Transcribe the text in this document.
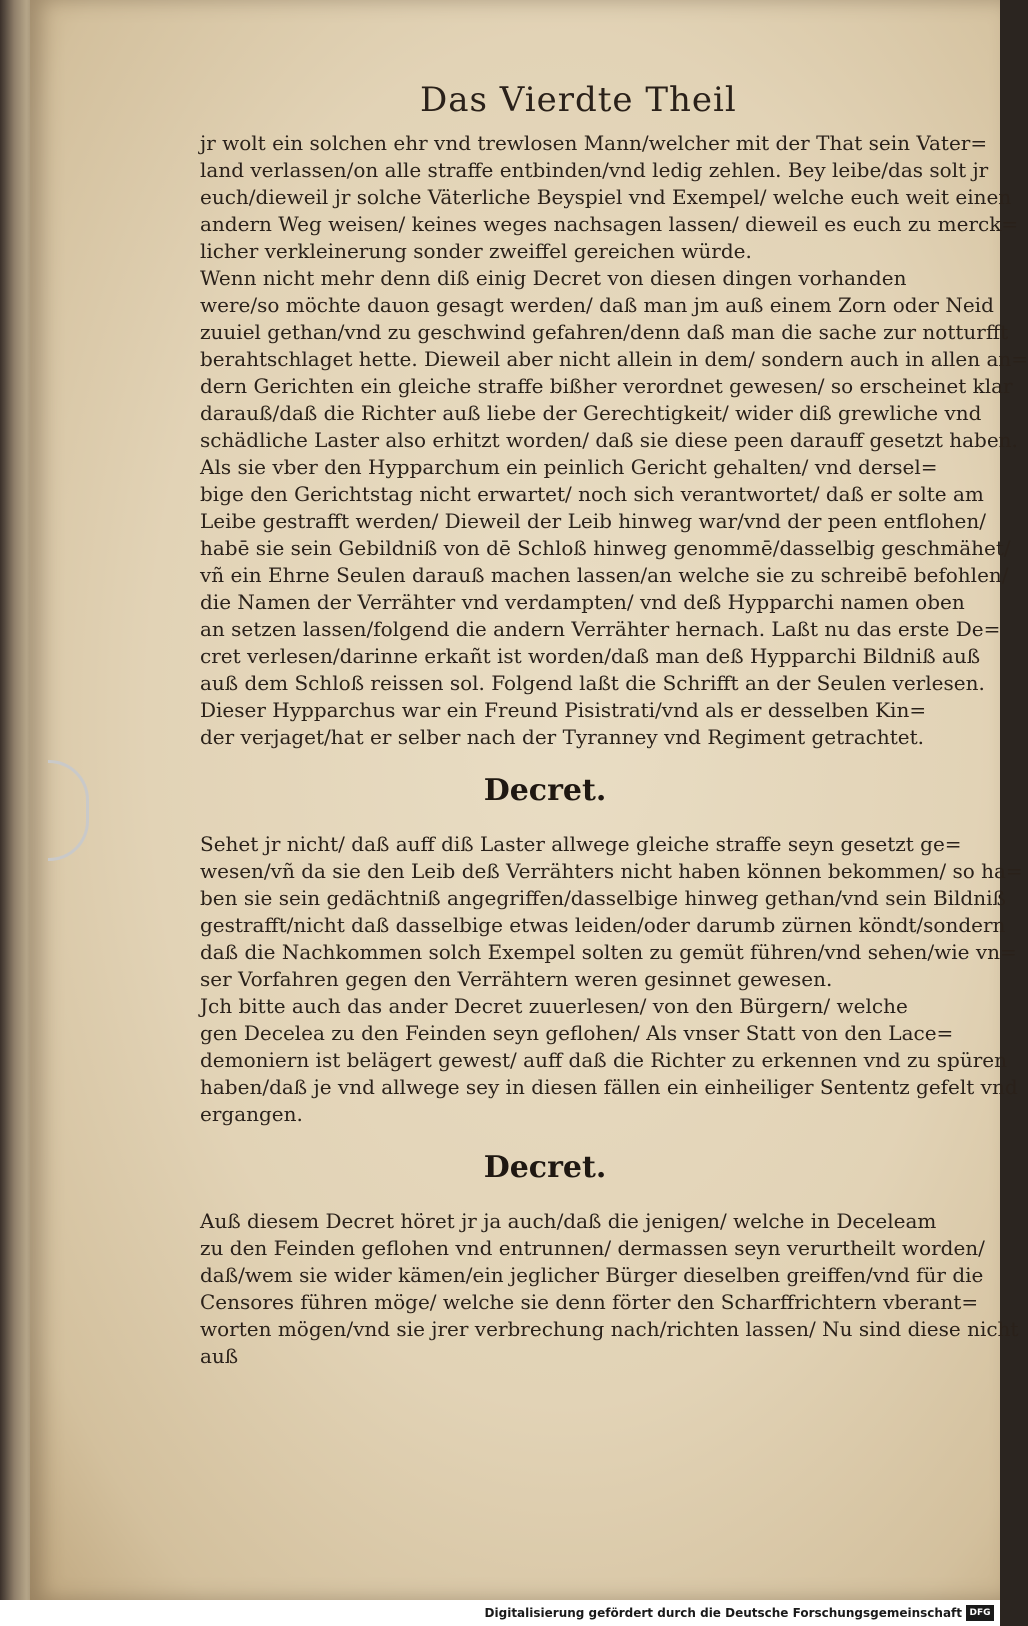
Das Vierdte Theil
jr wolt ein solchen ehr vnd trewlosen Mann/welcher mit der That sein Vater=
land verlassen/on alle straffe entbinden/vnd ledig zehlen. Bey leibe/das solt jr
euch/dieweil jr solche Väterliche Beyspiel vnd Exempel/ welche euch weit einen
andern Weg weisen/ keines weges nachsagen lassen/ dieweil es euch zu merck=
licher verkleinerung sonder zweiffel gereichen würde.
Wenn nicht mehr denn diß einig Decret von diesen dingen vorhanden
were/so möchte dauon gesagt werden/ daß man jm auß einem Zorn oder Neid
zuuiel gethan/vnd zu geschwind gefahren/denn daß man die sache zur notturfft
berahtschlaget hette. Dieweil aber nicht allein in dem/ sondern auch in allen an=
dern Gerichten ein gleiche straffe bißher verordnet gewesen/ so erscheinet klar
darauß/daß die Richter auß liebe der Gerechtigkeit/ wider diß grewliche vnd
schädliche Laster also erhitzt worden/ daß sie diese peen darauff gesetzt haben.
Als sie vber den Hypparchum ein peinlich Gericht gehalten/ vnd dersel=
bige den Gerichtstag nicht erwartet/ noch sich verantwortet/ daß er solte am
Leibe gestrafft werden/ Dieweil der Leib hinweg war/vnd der peen entflohen/
habē sie sein Gebildniß von dē Schloß hinweg genommē/dasselbig geschmähet/
vñ ein Ehrne Seulen darauß machen lassen/an welche sie zu schreibē befohlen/
die Namen der Verrähter vnd verdampten/ vnd deß Hypparchi namen oben
an setzen lassen/folgend die andern Verrähter hernach. Laßt nu das erste De=
cret verlesen/darinne erkañt ist worden/daß man deß Hypparchi Bildniß auß
auß dem Schloß reissen sol. Folgend laßt die Schrifft an der Seulen verlesen.
Dieser Hypparchus war ein Freund Pisistrati/vnd als er desselben Kin=
der verjaget/hat er selber nach der Tyranney vnd Regiment getrachtet.
Decret.
Sehet jr nicht/ daß auff diß Laster allwege gleiche straffe seyn gesetzt ge=
wesen/vñ da sie den Leib deß Verrähters nicht haben können bekommen/ so ha=
ben sie sein gedächtniß angegriffen/dasselbige hinweg gethan/vnd sein Bildniß
gestrafft/nicht daß dasselbige etwas leiden/oder darumb zürnen köndt/sondern
daß die Nachkommen solch Exempel solten zu gemüt führen/vnd sehen/wie vn=
ser Vorfahren gegen den Verrähtern weren gesinnet gewesen.
Jch bitte auch das ander Decret zuuerlesen/ von den Bürgern/ welche
gen Decelea zu den Feinden seyn geflohen/ Als vnser Statt von den Lace=
demoniern ist belägert gewest/ auff daß die Richter zu erkennen vnd zu spüren
haben/daß je vnd allwege sey in diesen fällen ein einheiliger Sententz gefelt vnd
ergangen.
Decret.
Auß diesem Decret höret jr ja auch/daß die jenigen/ welche in Deceleam
zu den Feinden geflohen vnd entrunnen/ dermassen seyn verurtheilt worden/
daß/wem sie wider kämen/ein jeglicher Bürger dieselben greiffen/vnd für die
Censores führen möge/ welche sie denn förter den Scharffrichtern vberant=
worten mögen/vnd sie jrer verbrechung nach/richten lassen/ Nu sind diese nicht
auß
Digitalisierung gefördert durch die Deutsche Forschungsgemeinschaft DFG
